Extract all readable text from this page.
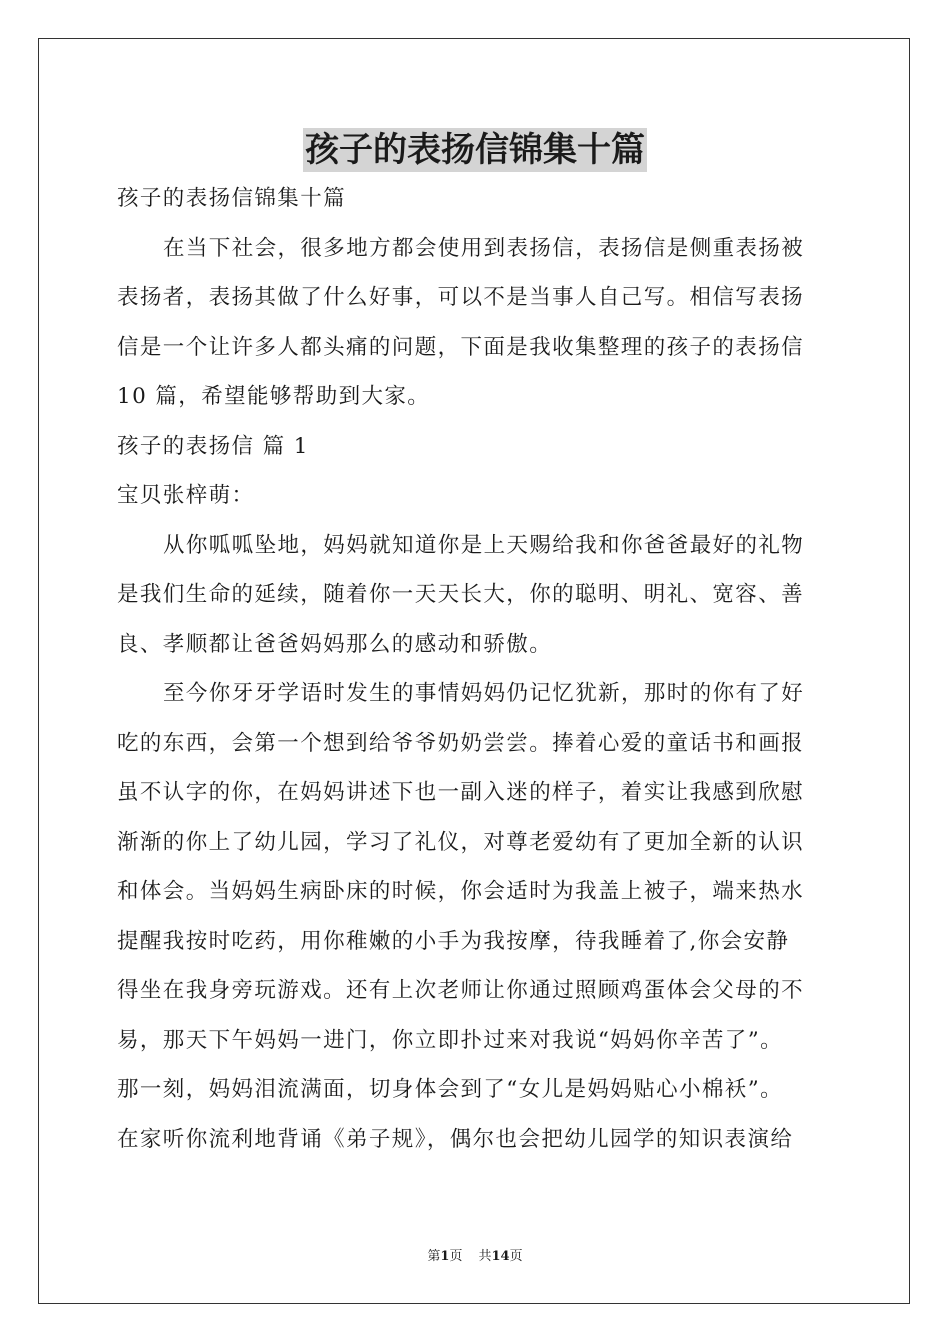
孩子的表扬信锦集十篇
孩子的表扬信锦集十篇
在当下社会，很多地方都会使用到表扬信，表扬信是侧重表扬被
表扬者，表扬其做了什么好事，可以不是当事人自己写。相信写表扬
信是一个让许多人都头痛的问题，下面是我收集整理的孩子的表扬信
10 篇，希望能够帮助到大家。
孩子的表扬信 篇 1
宝贝张梓萌：
从你呱呱坠地，妈妈就知道你是上天赐给我和你爸爸最好的礼物
是我们生命的延续，随着你一天天长大，你的聪明、明礼、宽容、善
良、孝顺都让爸爸妈妈那么的感动和骄傲。
至今你牙牙学语时发生的事情妈妈仍记忆犹新，那时的你有了好
吃的东西，会第一个想到给爷爷奶奶尝尝。捧着心爱的童话书和画报
虽不认字的你，在妈妈讲述下也一副入迷的样子，着实让我感到欣慰
渐渐的你上了幼儿园，学习了礼仪，对尊老爱幼有了更加全新的认识
和体会。当妈妈生病卧床的时候，你会适时为我盖上被子，端来热水
提醒我按时吃药，用你稚嫩的小手为我按摩，待我睡着了,你会安静
得坐在我身旁玩游戏。还有上次老师让你通过照顾鸡蛋体会父母的不
易，那天下午妈妈一进门，你立即扑过来对我说“妈妈你辛苦了”。
那一刻，妈妈泪流满面，切身体会到了“女儿是妈妈贴心小棉袄”。
在家听你流利地背诵《弟子规》，偶尔也会把幼儿园学的知识表演给
第1页 共14页
